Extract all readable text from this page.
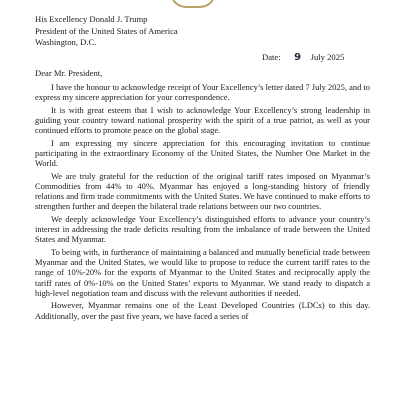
His Excellency Donald J. Trump
President of the United States of America
Washington, D.C.
Date: 9 July 2025
Dear Mr. President,

I have the honour to acknowledge receipt of Your Excellency’s letter dated 7 July 2025, and to express my sincere appreciation for your correspondence.

It is with great esteem that I wish to acknowledge Your Excellency’s strong leadership in guiding your country toward national prosperity with the spirit of a true patriot, as well as your continued efforts to promote peace on the global stage.

I am expressing my sincere appreciation for this encouraging invitation to continue participating in the extraordinary Economy of the United States, the Number One Market in the World.

We are truly grateful for the reduction of the original tariff rates imposed on Myanmar’s Commodities from 44% to 40%. Myanmar has enjoyed a long-standing history of friendly relations and firm trade commitments with the United States. We have continued to make efforts to strengthen further and deepen the bilateral trade relations between our two countries.

We deeply acknowledge Your Excellency’s distinguished efforts to advance your country’s interest in addressing the trade deficits resulting from the imbalance of trade between the United States and Myanmar.

To being with, in furtherance of maintaining a balanced and mutually beneficial trade between Myanmar and the United States, we would like to propose to reduce the current tariff rates to the range of 10%-20% for the exports of Myanmar to the United States and reciprocally apply the tariff rates of 0%-10% on the United States’ exports to Myanmar. We stand ready to dispatch a high-level negotiation team and discuss with the relevant authorities if needed.

However, Myanmar remains one of the Least Developed Countries (LDCs) to this day. Additionally, over the past five years, we have faced a series of
